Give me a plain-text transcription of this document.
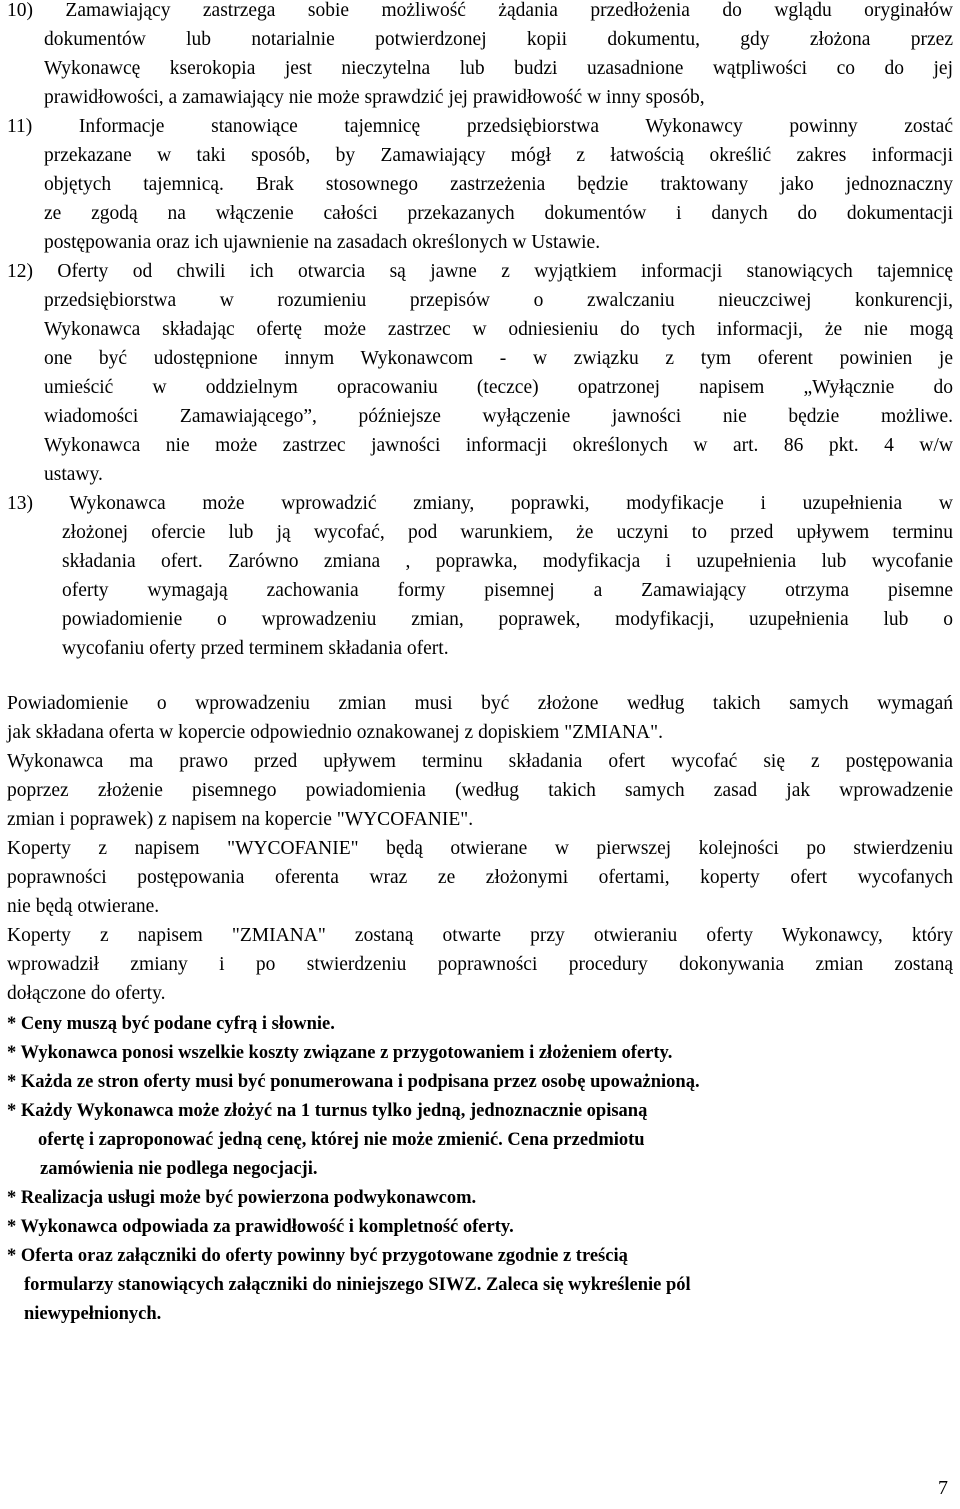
10) Zamawiający zastrzega sobie możliwość żądania przedłożenia do wglądu oryginałów
dokumentów lub notarialnie potwierdzonej kopii dokumentu, gdy złożona przez
Wykonawcę kserokopia jest nieczytelna lub budzi uzasadnione wątpliwości co do jej
prawidłowości, a zamawiający nie może sprawdzić jej prawidłowość w inny sposób,
11) Informacje stanowiące tajemnicę przedsiębiorstwa Wykonawcy powinny zostać
przekazane w taki sposób, by Zamawiający mógł z łatwością określić zakres informacji
objętych tajemnicą. Brak stosownego zastrzeżenia będzie traktowany jako jednoznaczny
ze zgodą na włączenie całości przekazanych dokumentów i danych do dokumentacji
postępowania oraz ich ujawnienie na zasadach określonych w Ustawie.
12) Oferty od chwili ich otwarcia są jawne z wyjątkiem informacji stanowiących tajemnicę
przedsiębiorstwa w rozumieniu przepisów o zwalczaniu nieuczciwej konkurencji,
Wykonawca składając ofertę może zastrzec w odniesieniu do tych informacji, że nie mogą
one być udostępnione innym Wykonawcom - w związku z tym oferent powinien je
umieścić w oddzielnym opracowaniu (teczce) opatrzonej napisem „Wyłącznie do
wiadomości Zamawiającego”, późniejsze wyłączenie jawności nie będzie możliwe.
Wykonawca nie może zastrzec jawności informacji określonych w art. 86 pkt. 4 w/w
ustawy.
13) Wykonawca może wprowadzić zmiany, poprawki, modyfikacje i uzupełnienia w
złożonej ofercie lub ją wycofać, pod warunkiem, że uczyni to przed upływem terminu
składania ofert. Zarówno zmiana , poprawka, modyfikacja i uzupełnienia lub wycofanie
oferty wymagają zachowania formy pisemnej a Zamawiający otrzyma pisemne
powiadomienie o wprowadzeniu zmian, poprawek, modyfikacji, uzupełnienia lub o
wycofaniu oferty przed terminem składania ofert.
Powiadomienie o wprowadzeniu zmian musi być złożone według takich samych wymagań
jak składana oferta w kopercie odpowiednio oznakowanej z dopiskiem "ZMIANA".
Wykonawca ma prawo przed upływem terminu składania ofert wycofać się z postępowania
poprzez złożenie pisemnego powiadomienia (według takich samych zasad jak wprowadzenie
zmian i poprawek) z napisem na kopercie "WYCOFANIE".
Koperty z napisem "WYCOFANIE" będą otwierane w pierwszej kolejności po stwierdzeniu
poprawności postępowania oferenta wraz ze złożonymi ofertami, koperty ofert wycofanych
nie będą otwierane.
Koperty z napisem "ZMIANA" zostaną otwarte przy otwieraniu oferty Wykonawcy, który
wprowadził zmiany i po stwierdzeniu poprawności procedury dokonywania zmian zostaną
dołączone do oferty.
* Ceny muszą być podane cyfrą i słownie.
* Wykonawca ponosi wszelkie koszty związane z przygotowaniem i złożeniem oferty.
* Każda ze stron oferty musi być ponumerowana i podpisana przez osobę upoważnioną.
* Każdy Wykonawca może złożyć na 1 turnus tylko jedną, jednoznacznie opisaną
ofertę i zaproponować jedną cenę, której nie może zmienić. Cena przedmiotu
zamówienia nie podlega negocjacji.
* Realizacja usługi może być powierzona podwykonawcom.
* Wykonawca odpowiada za prawidłowość i kompletność oferty.
* Oferta oraz załączniki do oferty powinny być przygotowane zgodnie z treścią
formularzy stanowiących załączniki do niniejszego SIWZ. Zaleca się wykreślenie pól
niewypełnionych.
7
